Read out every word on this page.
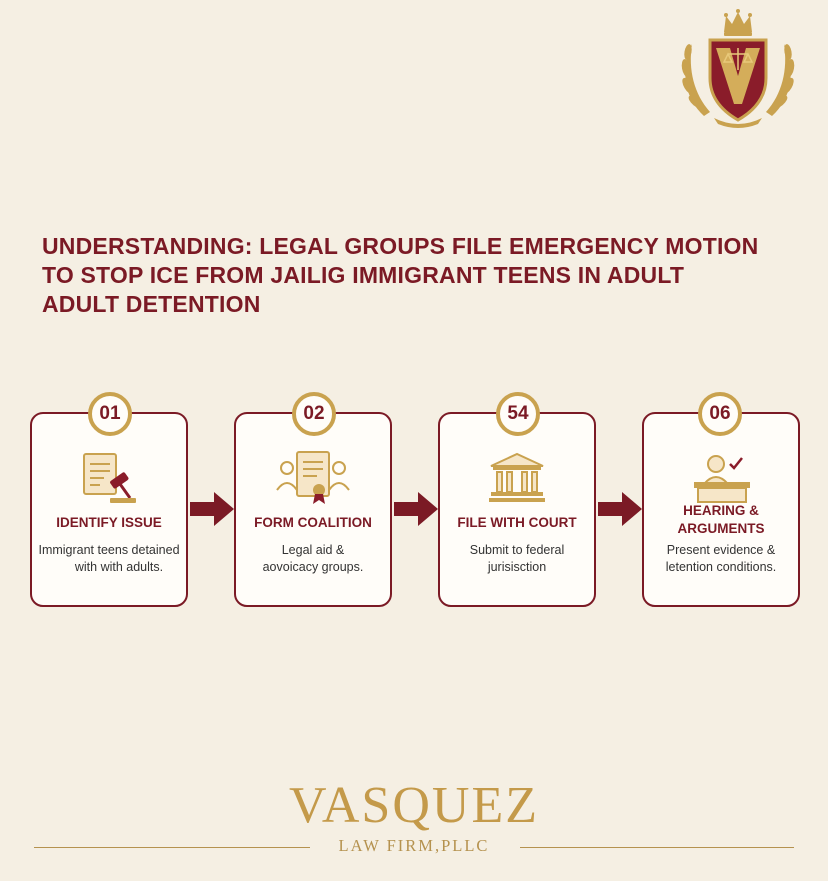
UNDERSTANDING: LEGAL GROUPS FILE EMERGENCY MOTION
TO STOP ICE FROM JAILIG IMMIGRANT TEENS IN ADULT
ADULT DETENTION
IDENTIFY ISSUE
Immigrant teens detained
with with adults.
01
FORM COALITION
Legal aid &
aovoicacy groups.
02
FILE WITH COURT
Submit to federal
jurisisction
54
HEARING &
ARGUMENTS
Present evidence &
letention conditions.
06
VASQUEZ
LAW FIRM,PLLC
